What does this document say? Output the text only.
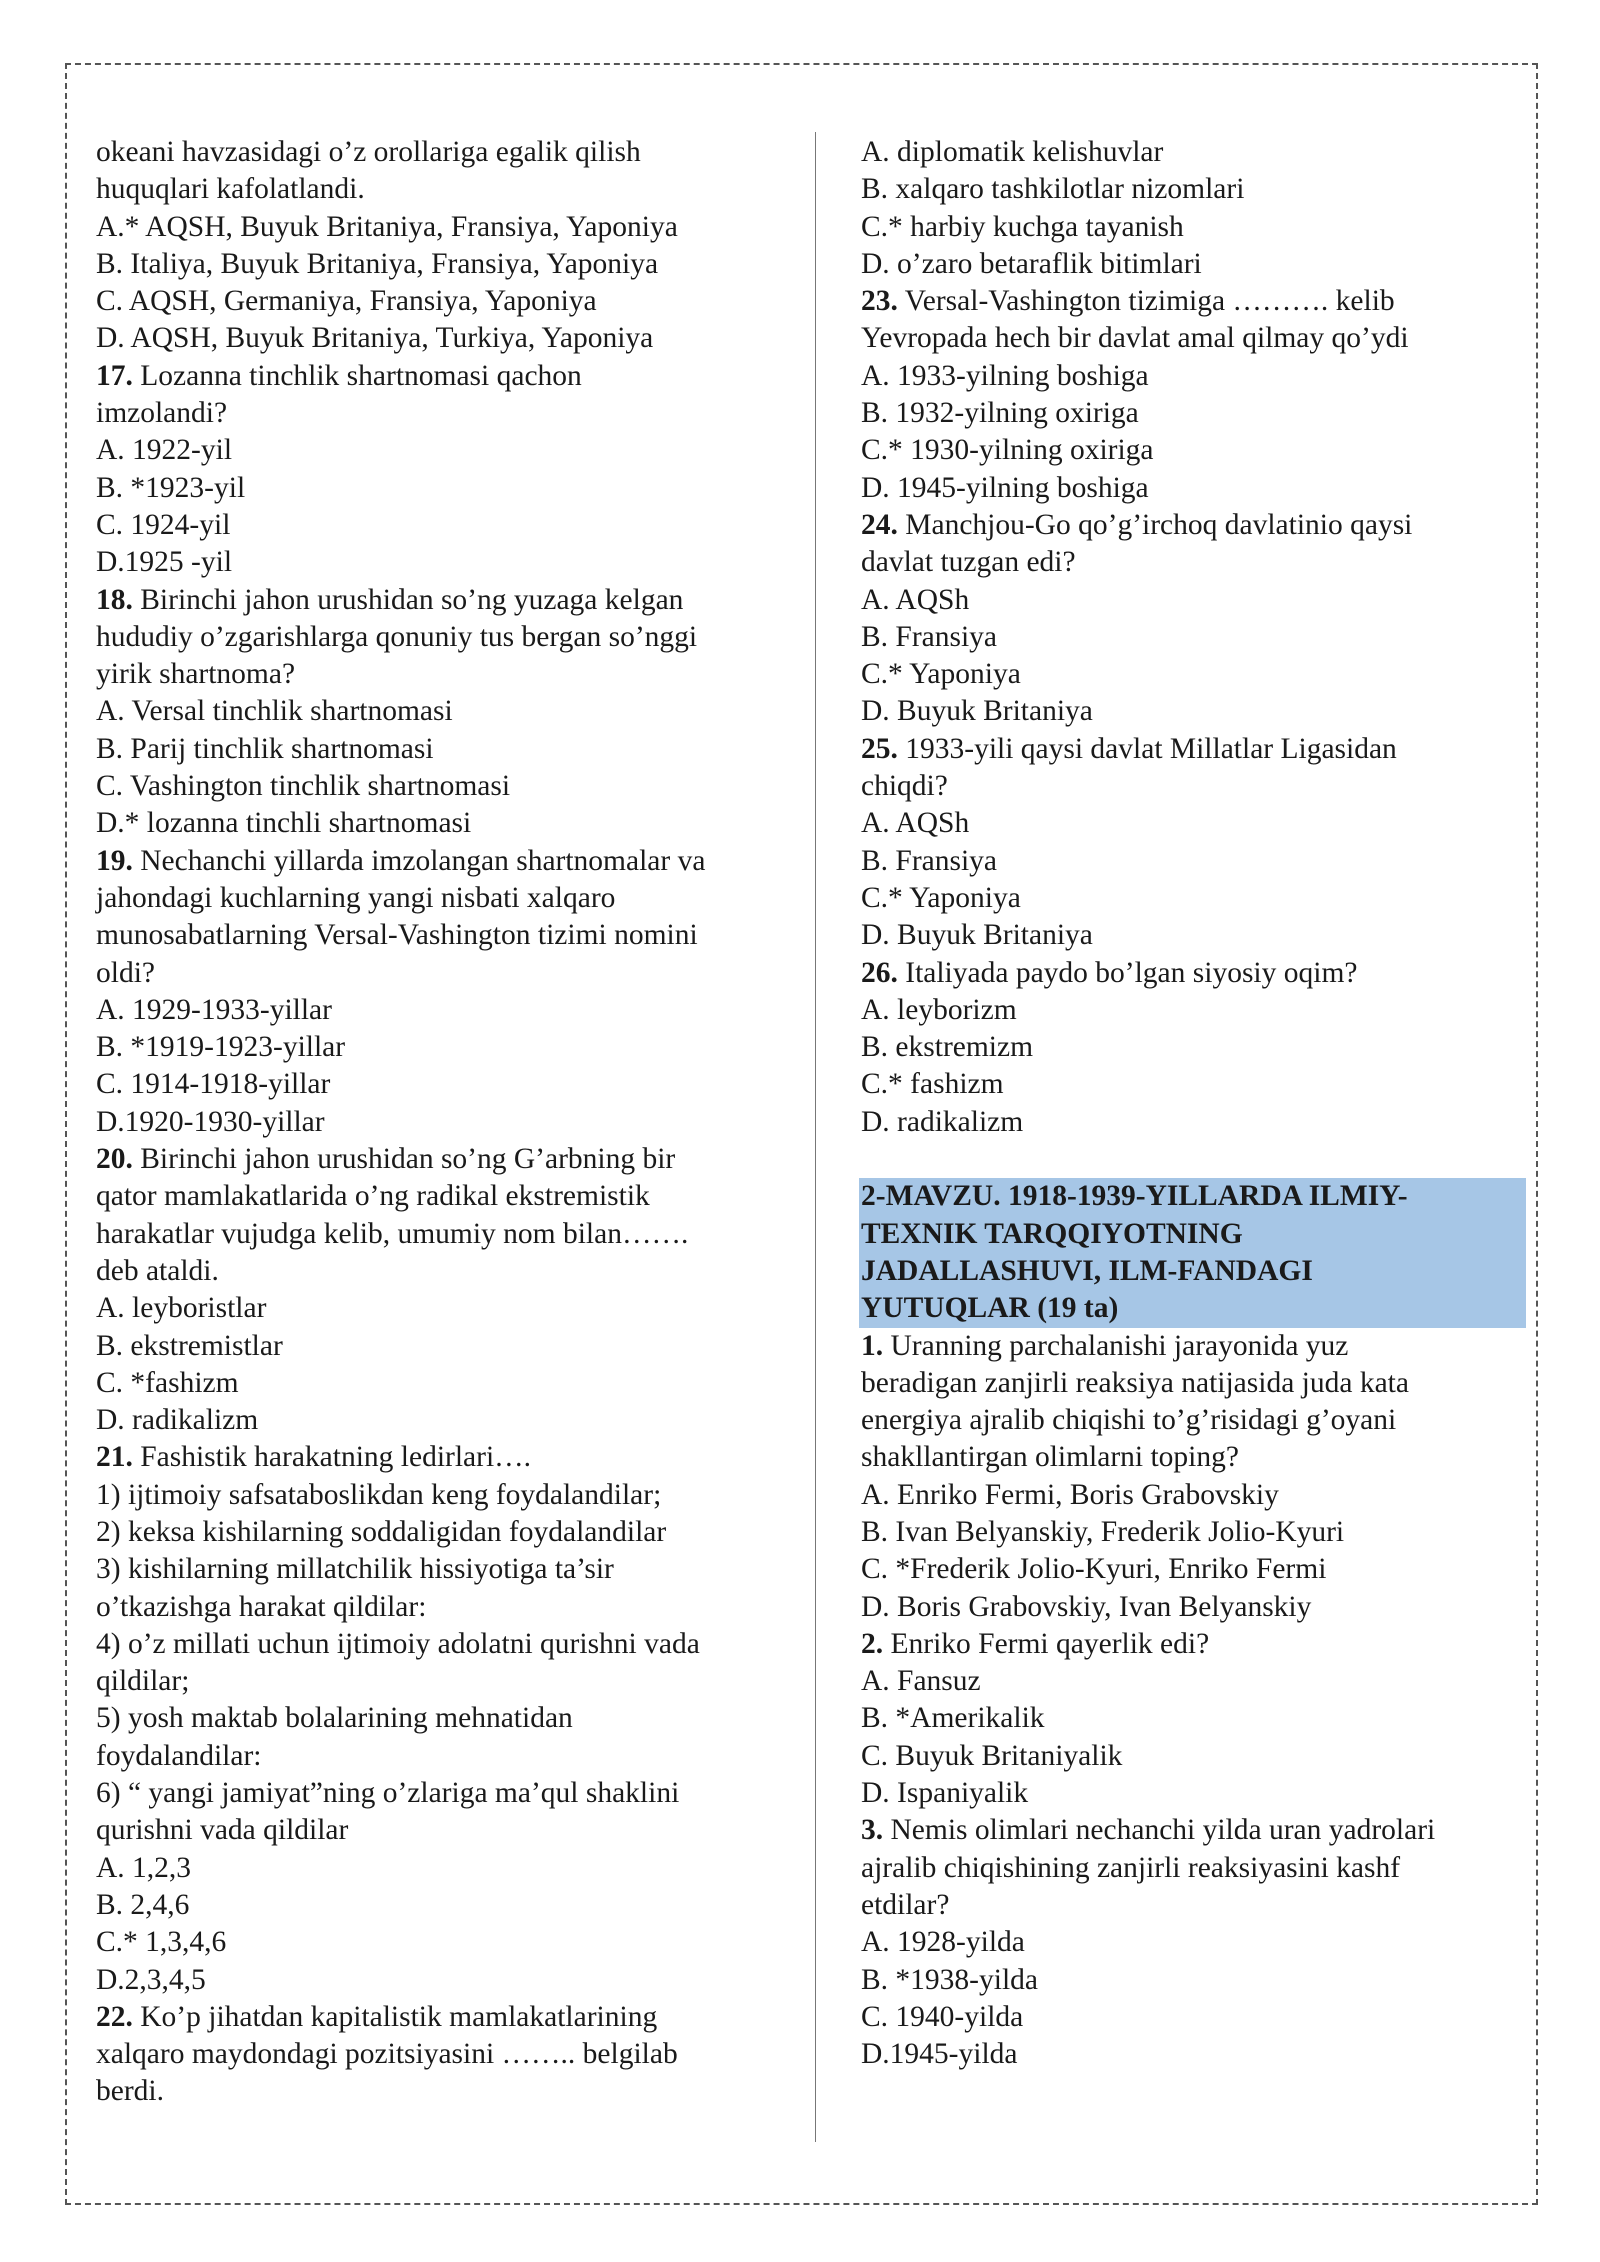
okeani havzasidagi o’z orollariga egalik qilish
huquqlari kafolatlandi.
A.* AQSH, Buyuk Britaniya, Fransiya, Yaponiya
B. Italiya, Buyuk Britaniya, Fransiya, Yaponiya
C. AQSH, Germaniya, Fransiya, Yaponiya
D. AQSH, Buyuk Britaniya, Turkiya, Yaponiya
17. Lozanna tinchlik shartnomasi qachon
imzolandi?
A. 1922-yil
B. *1923-yil
C. 1924-yil
D.1925 -yil
18. Birinchi jahon urushidan so’ng yuzaga kelgan
hududiy o’zgarishlarga qonuniy tus bergan so’nggi
yirik shartnoma?
A. Versal tinchlik shartnomasi
B. Parij tinchlik shartnomasi
C. Vashington tinchlik shartnomasi
D.* lozanna tinchli shartnomasi
19. Nechanchi yillarda imzolangan shartnomalar va
jahondagi kuchlarning yangi nisbati xalqaro
munosabatlarning Versal-Vashington tizimi nomini
oldi?
A. 1929-1933-yillar
B. *1919-1923-yillar
C. 1914-1918-yillar
D.1920-1930-yillar
20. Birinchi jahon urushidan so’ng G’arbning bir
qator mamlakatlarida o’ng radikal ekstremistik
harakatlar vujudga kelib, umumiy nom bilan…….
deb ataldi.
A. leyboristlar
B. ekstremistlar
C. *fashizm
D. radikalizm
21. Fashistik harakatning ledirlari….
1) ijtimoiy safsataboslikdan keng foydalandilar;
2) keksa kishilarning soddaligidan foydalandilar
3) kishilarning millatchilik hissiyotiga ta’sir
o’tkazishga harakat qildilar:
4) o’z millati uchun ijtimoiy adolatni qurishni vada
qildilar;
5) yosh maktab bolalarining mehnatidan
foydalandilar:
6) “ yangi jamiyat”ning o’zlariga ma’qul shaklini
qurishni vada qildilar
A. 1,2,3
B. 2,4,6
C.* 1,3,4,6
D.2,3,4,5
22. Ko’p jihatdan kapitalistik mamlakatlarining
xalqaro maydondagi pozitsiyasini …….. belgilab
berdi.
A. diplomatik kelishuvlar
B. xalqaro tashkilotlar nizomlari
C.* harbiy kuchga tayanish
D. o’zaro betaraflik bitimlari
23. Versal-Vashington tizimiga ………. kelib
Yevropada hech bir davlat amal qilmay qo’ydi
A. 1933-yilning boshiga
B. 1932-yilning oxiriga
C.* 1930-yilning oxiriga
D. 1945-yilning boshiga
24. Manchjou-Go qo’g’irchoq davlatinio qaysi
davlat tuzgan edi?
A. AQSh
B. Fransiya
C.* Yaponiya
D. Buyuk Britaniya
25. 1933-yili qaysi davlat Millatlar Ligasidan
chiqdi?
A. AQSh
B. Fransiya
C.* Yaponiya
D. Buyuk Britaniya
26. Italiyada paydo bo’lgan siyosiy oqim?
A. leyborizm
B. ekstremizm
C.* fashizm
D. radikalizm
2-MAVZU. 1918-1939-YILLARDA ILMIY-
TEXNIK TARQQIYOTNING
JADALLASHUVI, ILM-FANDAGI
YUTUQLAR (19 ta)
1. Uranning parchalanishi jarayonida yuz
beradigan zanjirli reaksiya natijasida juda kata
energiya ajralib chiqishi to’g’risidagi g’oyani
shakllantirgan olimlarni toping?
A. Enriko Fermi, Boris Grabovskiy
B. Ivan Belyanskiy, Frederik Jolio-Kyuri
C. *Frederik Jolio-Kyuri, Enriko Fermi
D. Boris Grabovskiy, Ivan Belyanskiy
2. Enriko Fermi qayerlik edi?
A. Fansuz
B. *Amerikalik
C. Buyuk Britaniyalik
D. Ispaniyalik
3. Nemis olimlari nechanchi yilda uran yadrolari
ajralib chiqishining zanjirli reaksiyasini kashf
etdilar?
A. 1928-yilda
B. *1938-yilda
C. 1940-yilda
D.1945-yilda
